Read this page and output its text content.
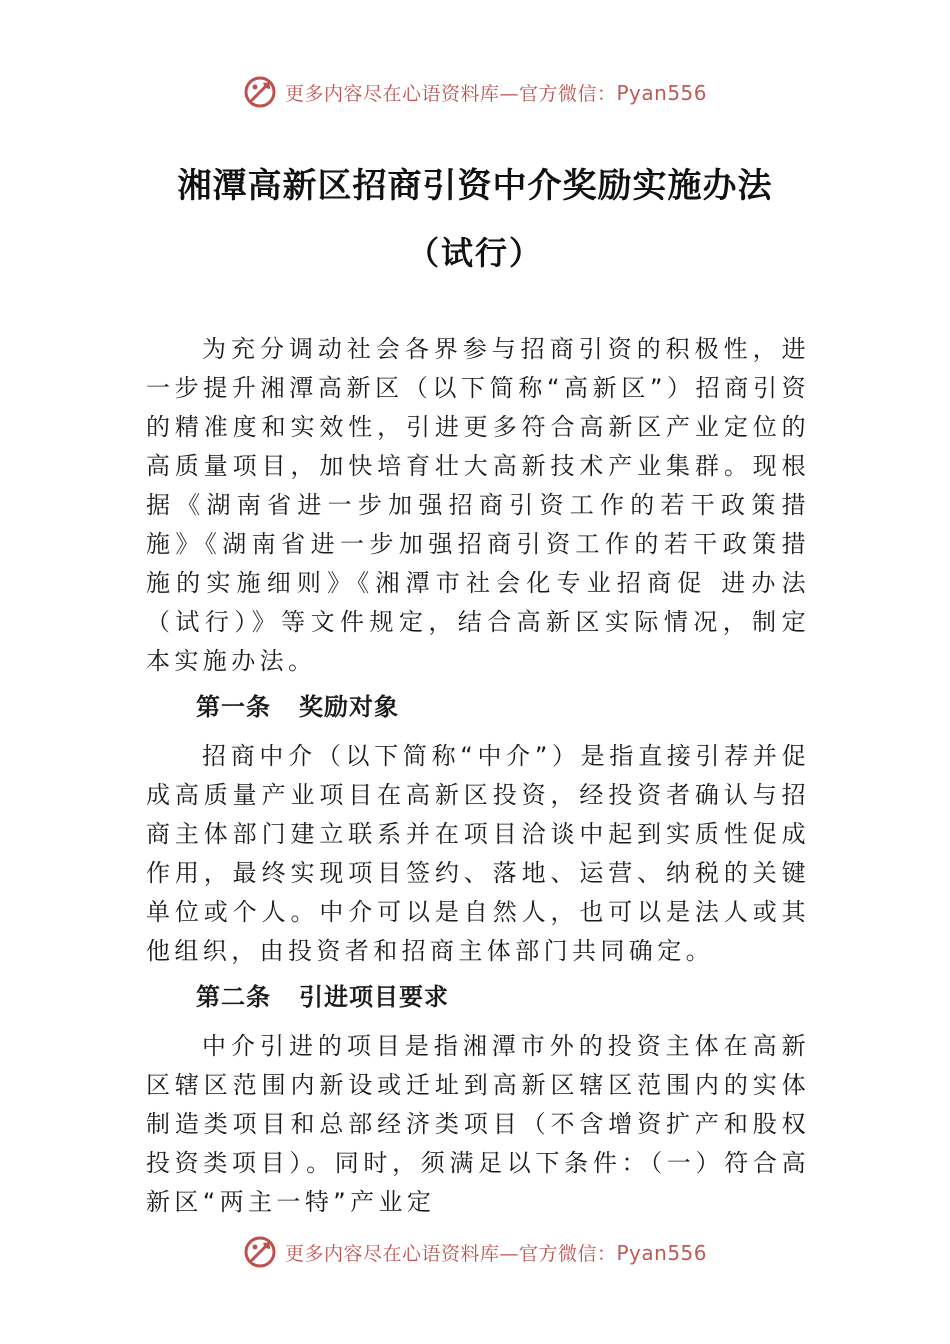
更多内容尽在心语资料库—官方微信：Pyan556
湘潭高新区招商引资中介奖励实施办法
（试行）

为充分调动社会各界参与招商引资的积极性，进一步提升湘潭高新区（以下简称“高新区”）招商引资的精准度和实效性，引进更多符合高新区产业定位的高质量项目，加快培育壮大高新技术产业集群。现根据《湖南省进一步加强招商引资工作的若干政策措施》《湖南省进一步加强招商引资工作的若干政策措施的实施细则》《湘潭市社会化专业招商促 进办法（试行）》等文件规定，结合高新区实际情况，制定本实施办法。

第一条 奖励对象

招商中介（以下简称“中介”）是指直接引荐并促成高质量产业项目在高新区投资，经投资者确认与招商主体部门建立联系并在项目洽谈中起到实质性促成作用，最终实现项目签约、落地、运营、纳税的关键单位或个人。中介可以是自然人，也可以是法人或其他组织，由投资者和招商主体部门共同确定。

第二条 引进项目要求

中介引进的项目是指湘潭市外的投资主体在高新区辖区范围内新设或迁址到高新区辖区范围内的实体制造类项目和总部经济类项目（不含增资扩产和股权投资类项目）。同时，须满足以下条件：（一）符合高新区“两主一特”产业定

更多内容尽在心语资料库—官方微信：Pyan556
